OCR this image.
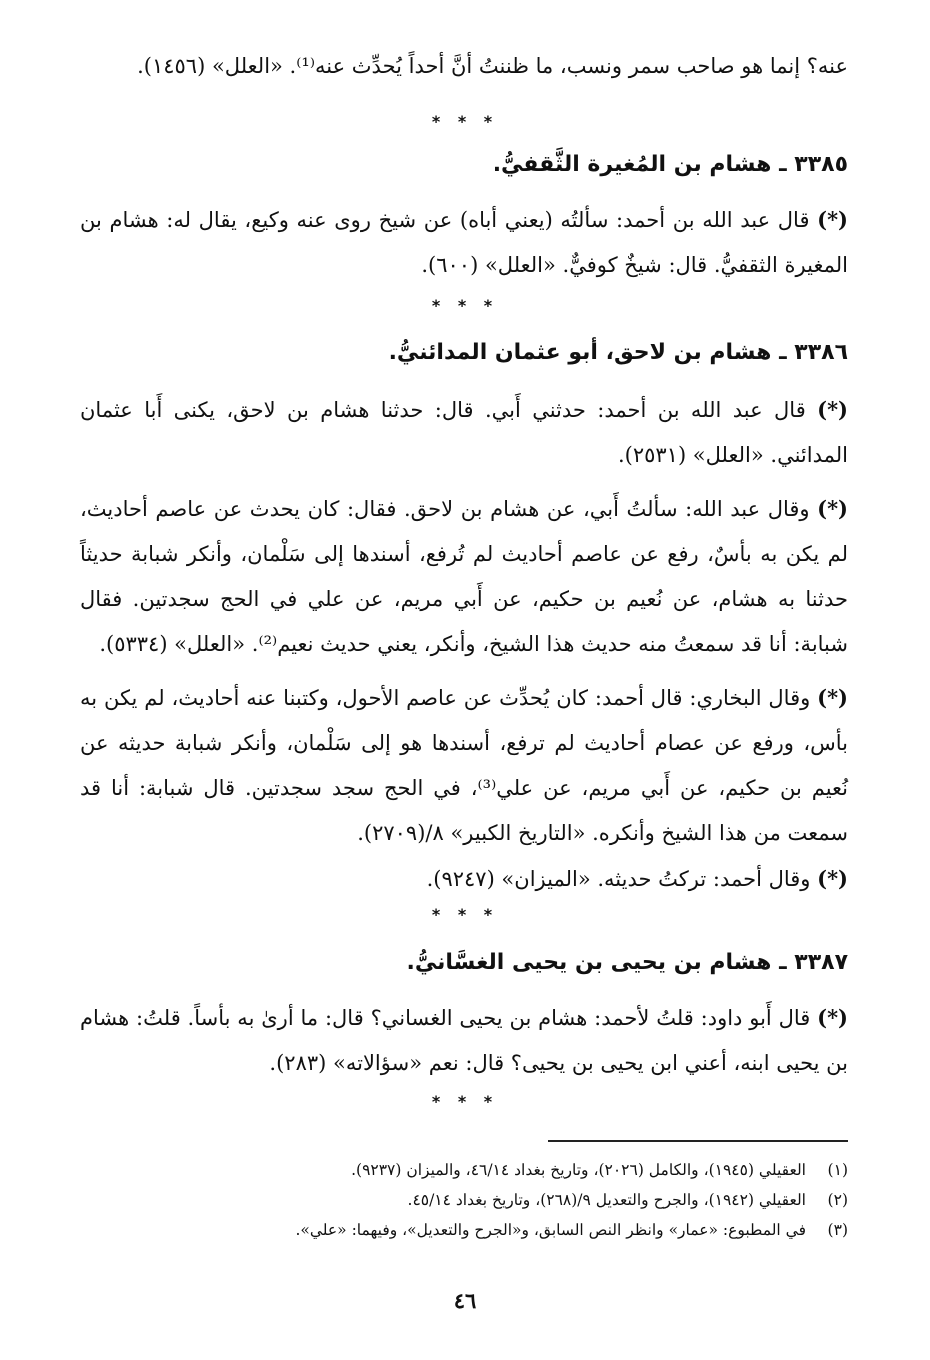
عنه؟ إنما هو صاحب سمر ونسب، ما ظننتُ أنَّ أحداً يُحدِّث عنه⁽¹⁾. «العلل» (١٤٥٦).

* * *
٣٣٨٥ ـ هشام بن المُغيرة الثَّقفيُّ.

(*) قال عبد الله بن أحمد: سألتُه (يعني أباه) عن شيخ روى عنه وكيع، يقال له: هشام بن المغيرة الثقفيُّ. قال: شيخٌ كوفيٌّ. «العلل» (٦٠٠).

* * *
٣٣٨٦ ـ هشام بن لاحق، أبو عثمان المدائنيُّ.

(*) قال عبد الله بن أحمد: حدثني أَبي. قال: حدثنا هشام بن لاحق، يكنى أَبا عثمان المدائني. «العلل» (٢٥٣١).

(*) وقال عبد الله: سألتُ أَبي، عن هشام بن لاحق. فقال: كان يحدث عن عاصم أحاديث، لم يكن به بأسٌ، رفع عن عاصم أحاديث لم تُرفع، أسندها إلى سَلْمان، وأنكر شبابة حديثاً حدثنا به هشام، عن نُعيم بن حكيم، عن أَبي مريم، عن علي في الحج سجدتين. فقال شبابة: أنا قد سمعتُ منه حديث هذا الشيخ، وأنكر، يعني حديث نعيم⁽²⁾. «العلل» (٥٣٣٤).

(*) وقال البخاري: قال أحمد: كان يُحدِّث عن عاصم الأحول، وكتبنا عنه أحاديث، لم يكن به بأس، ورفع عن عصام أحاديث لم ترفع، أسندها هو إلى سَلْمان، وأنكر شبابة حديثه عن نُعيم بن حكيم، عن أَبي مريم، عن علي⁽³⁾، في الحج سجد سجدتين. قال شبابة: أنا قد سمعت من هذا الشيخ وأنكره. «التاريخ الكبير» ٨/(٢٧٠٩).

(*) وقال أحمد: تركتُ حديثه. «الميزان» (٩٢٤٧).

* * *
٣٣٨٧ ـ هشام بن يحيى بن يحيى الغسَّانيُّ.

(*) قال أَبو داود: قلتُ لأحمد: هشام بن يحيى الغساني؟ قال: ما أرىٰ به بأساً. قلتُ: هشام بن يحيى ابنه، أعني ابن يحيى بن يحيى؟ قال: نعم «سؤالاته» (٢٨٣).

* * *

(١)العقيلي (١٩٤٥)، والكامل (٢٠٢٦)، وتاريخ بغداد ٤٦/١٤، والميزان (٩٢٣٧).

(٢)العقيلي (١٩٤٢)، والجرح والتعديل ٩/(٢٦٨)، وتاريخ بغداد ٤٥/١٤.

(٣)في المطبوع: «عمار» وانظر النص السابق، و«الجرح والتعديل»، وفيهما: «علي».

٤٦
